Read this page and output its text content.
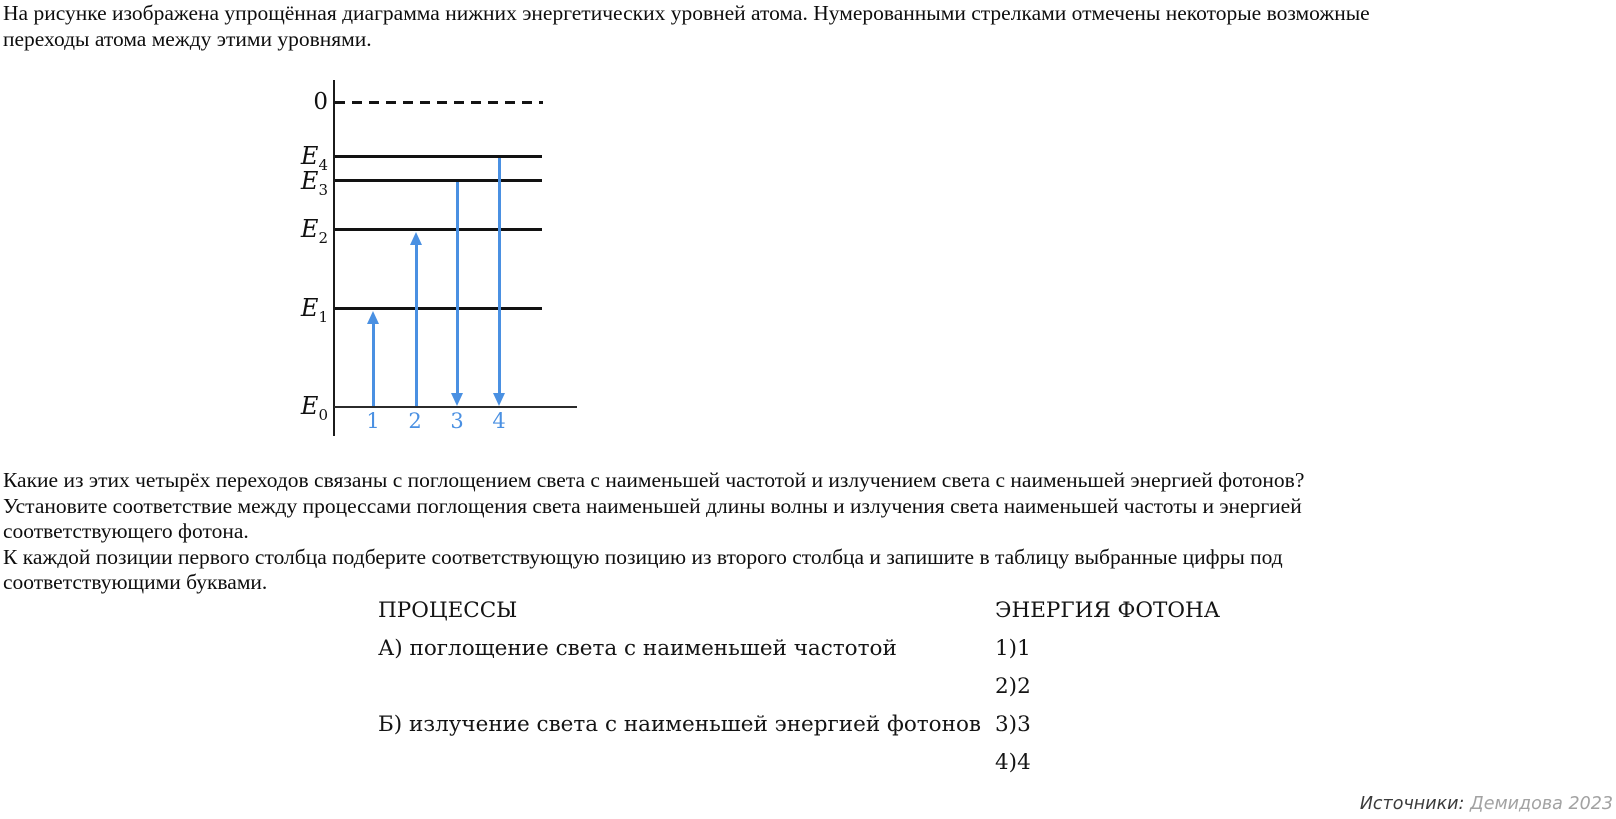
На рисунке изображена упрощённая диаграмма нижних энергетических уровней атома. Нумерованными стрелками отмечены некоторые возможные
переходы атома между этими уровнями.
0
$E_4$
$E_3$
$E_2$
$E_1$
$E_0$ 1 2 3 4
Какие из этих четырёх переходов связаны с поглощением света с наименьшей частотой и излучением света с наименьшей энергией фотонов?
Установите соответствие между процессами поглощения света наименьшей длины волны и излучения света наименьшей частоты и энергией
соответствующего фотона.
К каждой позиции первого столбца подберите соответствующую позицию из второго столбца и запишите в таблицу выбранные цифры под
соответствующими буквами.
ПРОЦЕССЫ	ЭНЕРГИЯ ФОТОНА
А) поглощение света с наименьшей частотой	1)1
2)2
Б) излучение света с наименьшей энергией фотонов 3)3
4)4
Источники: Демидова 2023
